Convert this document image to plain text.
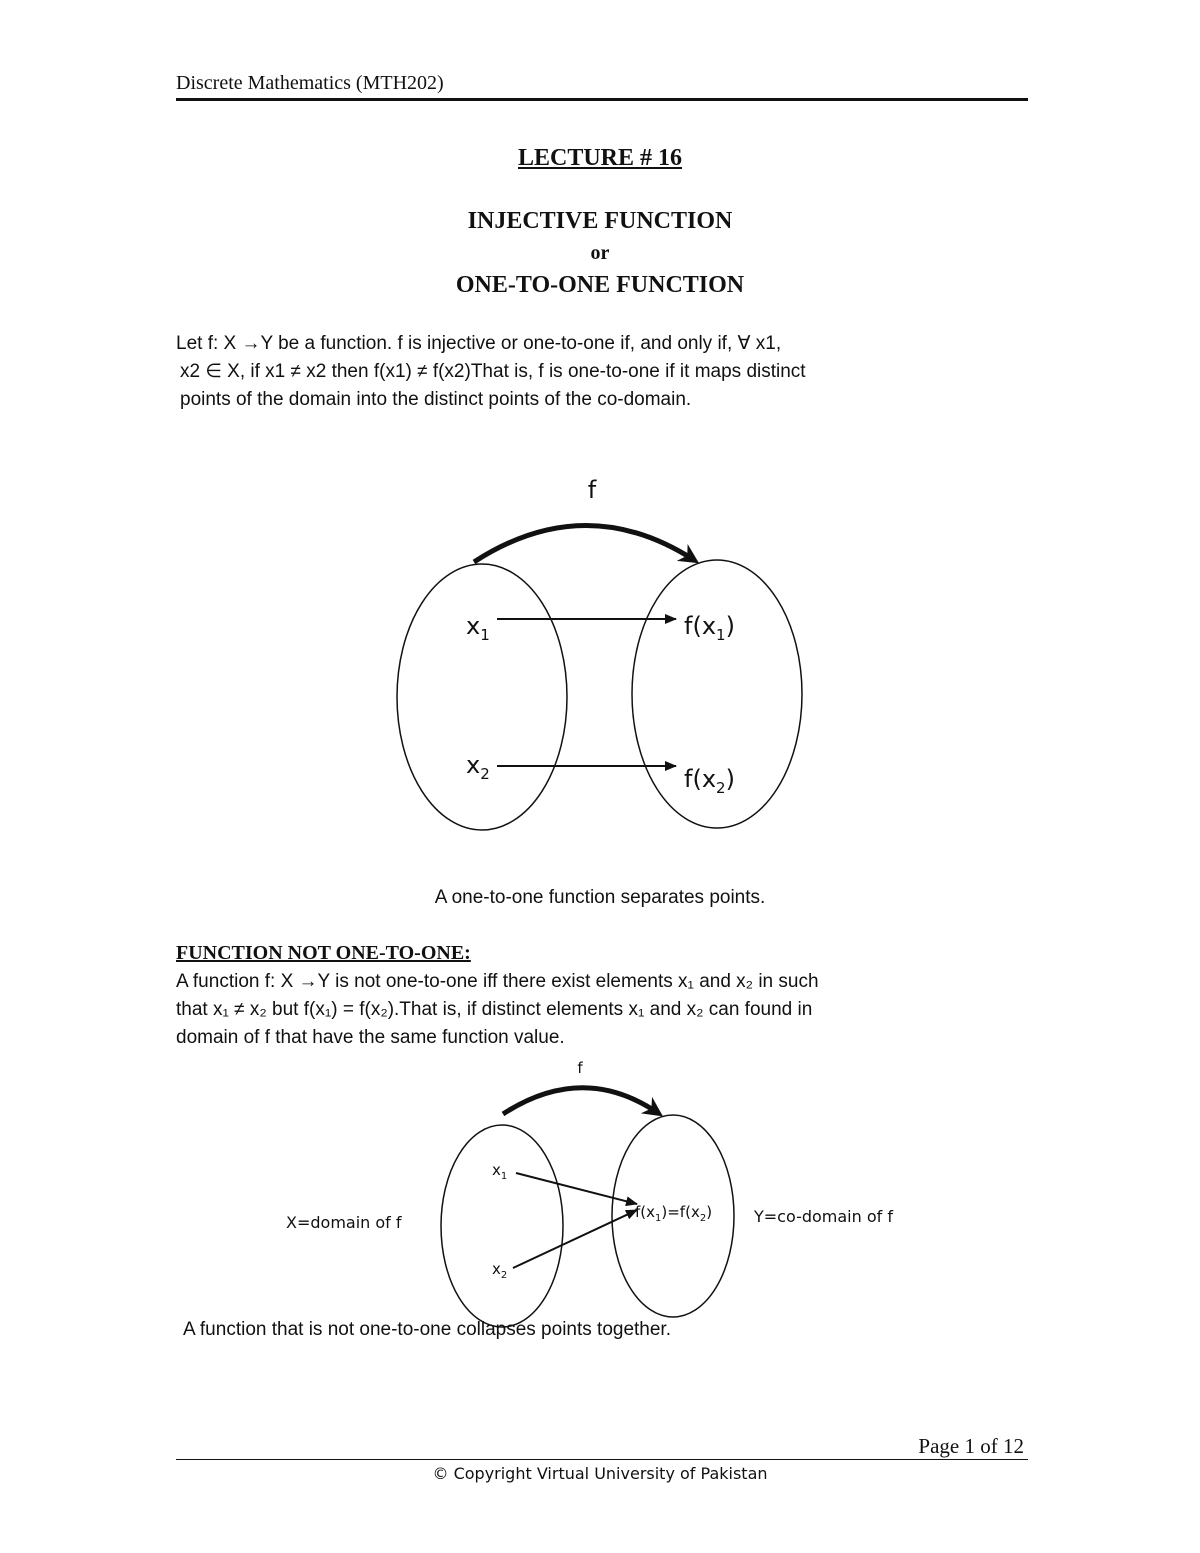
Discrete Mathematics (MTH202)
LECTURE # 16
INJECTIVE FUNCTION
or
ONE-TO-ONE FUNCTION
Let f: X →Y be a function. f is injective or one-to-one if, and only if, ∀ x1,
x2 ∈ X, if x1 ≠ x2 then f(x1) ≠ f(x2)That is, f is one-to-one if it maps distinct
points of the domain into the distinct points of the co-domain.
f
$x_1$
$x_2$
$f(x_1)$
$f(x_2)$
f
$x_1$
$x_2$
$f(x_1)=f(x_2)$
X=domain of f	Y=co-domain of f
A one-to-one function separates points.
FUNCTION NOT ONE-TO-ONE:
A function f: X →Y is not one-to-one iff there exist elements x₁ and x₂ in such
that x₁ ≠ x₂ but f(x₁) = f(x₂).That is, if distinct elements x₁ and x₂ can found in
domain of f that have the same function value.
A function that is not one-to-one collapses points together.
Page 1 of 12
© Copyright Virtual University of Pakistan
